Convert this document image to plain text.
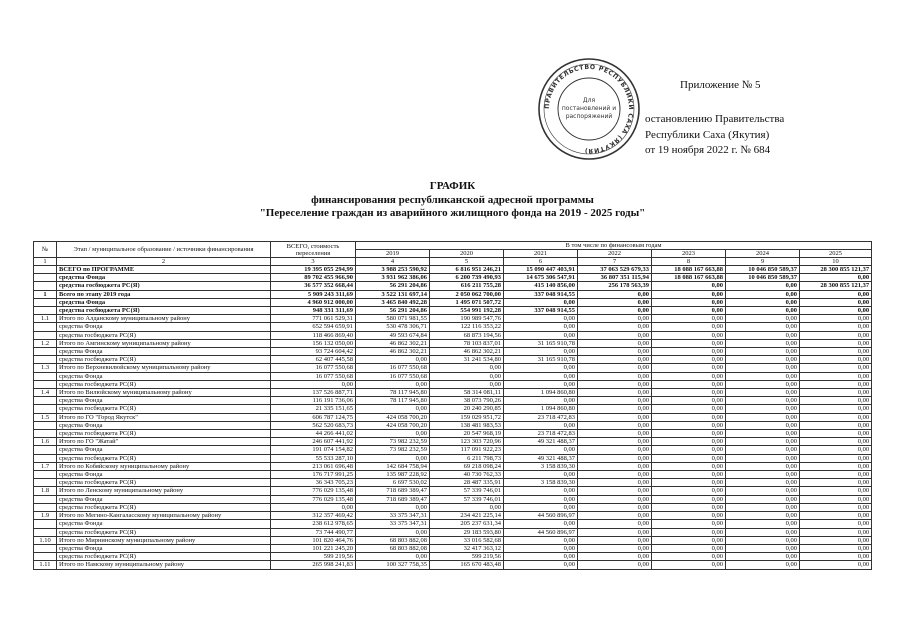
ПРАВИТЕЛЬСТВО РЕСПУБЛИКИ САХА (ЯКУТИЯ)
Для
постановлений и
распоряжений
Приложение № 5
остановлению Правительства
Республики Саха (Якутия)
от 19 ноября 2022 г. № 684
ГРАФИК
финансирования республиканской адресной программы
"Переселение граждан из аварийного жилищного фонда на 2019 - 2025 годы"
№	Этап / муниципальное образование / источники финансирования	ВСЕГО, стоимость переселения	В том числе по финансовым годам						
			2019	2020	2021	2022	2023	2024	2025
1	2	3	4	5	6	7	8	9	10
	ВСЕГО по ПРОГРАММЕ	19 395 055 294,99	3 988 253 590,92	6 816 951 246,21	15 090 447 403,91	37 063 529 679,33	18 088 167 663,88	10 046 850 589,37	28 300 855 121,37
	средства Фонда	89 702 455 966,90	3 931 962 386,06	6 200 739 490,93	14 675 306 547,91	36 807 351 115,94	18 088 167 663,88	10 046 850 589,37	0,00
	средства госбюджета РС(Я)	36 577 352 668,44	56 291 204,86	616 211 755,28	415 140 856,00	256 178 563,39	0,00	0,00	28 300 855 121,37
1	Всего по этапу 2019 года	5 909 243 311,69	3 522 131 697,14	2 050 062 700,00	337 048 914,55	0,00	0,00	0,00	0,00
	средства Фонда	4 960 912 000,00	3 465 840 492,28	1 495 071 507,72	0,00	0,00	0,00	0,00	0,00
	средства госбюджета РС(Я)	948 331 311,69	56 291 204,86	554 991 192,28	337 048 914,55	0,00	0,00	0,00	0,00
1.1	Итого по Алданскому муниципальному району	771 061 529,31	580 071 981,55	190 989 547,76	0,00	0,00	0,00	0,00	0,00
	средства Фонда	652 594 659,91	530 478 306,71	122 116 353,22	0,00	0,00	0,00	0,00	0,00
	средства госбюджета РС(Я)	118 466 869,40	49 593 674,84	68 873 194,56	0,00	0,00	0,00	0,00	0,00
1.2	Итого по Амгинскому муниципальному району	156 132 050,00	46 862 302,21	78 103 837,01	31 165 910,78	0,00	0,00	0,00	0,00
	средства Фонда	93 724 604,42	46 862 302,21	46 862 302,21	0,00	0,00	0,00	0,00	0,00
	средства госбюджета РС(Я)	62 407 445,58	0,00	31 241 534,80	31 165 910,78	0,00	0,00	0,00	0,00
1.3	Итого по Верхневилюйскому муниципальному району	16 077 550,68	16 077 550,68	0,00	0,00	0,00	0,00	0,00	0,00
	средства Фонда	16 077 550,68	16 077 550,68	0,00	0,00	0,00	0,00	0,00	0,00
	средства госбюджета РС(Я)	0,00	0,00	0,00	0,00	0,00	0,00	0,00	0,00
1.4	Итого по Вилюйскому муниципальному району	137 526 887,71	78 117 945,80	58 314 081,11	1 094 860,80	0,00	0,00	0,00	0,00
	средства Фонда	116 191 736,06	78 117 945,80	38 073 790,26	0,00	0,00	0,00	0,00	0,00
	средства госбюджета РС(Я)	21 335 151,65	0,00	20 240 290,85	1 094 860,80	0,00	0,00	0,00	0,00
1.5	Итого по ГО "Город Якутск"	606 787 124,75	424 058 700,20	159 029 951,72	23 718 472,83	0,00	0,00	0,00	0,00
	средства Фонда	562 520 683,73	424 058 700,20	138 481 983,53	0,00	0,00	0,00	0,00	0,00
	средства госбюджета РС(Я)	44 266 441,02	0,00	20 547 968,19	23 718 472,83	0,00	0,00	0,00	0,00
1.6	Итого по ГО "Жатай"	246 607 441,92	73 982 232,59	123 303 720,96	49 321 488,37	0,00	0,00	0,00	0,00
	средства Фонда	191 074 154,82	73 982 232,59	117 091 922,23	0,00	0,00	0,00	0,00	0,00
	средства госбюджета РС(Я)	55 533 287,10	0,00	6 211 798,73	49 321 488,37	0,00	0,00	0,00	0,00
1.7	Итого по Кобяйскому муниципальному району	213 061 696,48	142 684 758,94	69 218 098,24	3 158 839,30	0,00	0,00	0,00	0,00
	средства Фонда	176 717 991,25	135 987 228,92	40 730 762,33	0,00	0,00	0,00	0,00	0,00
	средства госбюджета РС(Я)	36 343 705,23	6 697 530,02	28 487 335,91	3 158 839,30	0,00	0,00	0,00	0,00
1.8	Итого по Ленскому муниципальному району	776 029 135,48	718 689 389,47	57 339 746,01	0,00	0,00	0,00	0,00	0,00
	средства Фонда	776 029 135,48	718 689 389,47	57 339 746,01	0,00	0,00	0,00	0,00	0,00
	средства госбюджета РС(Я)	0,00	0,00	0,00	0,00	0,00	0,00	0,00	0,00
1.9	Итого по Мегино-Кангаласскому муниципальному району	312 357 469,42	33 375 347,31	234 421 225,14	44 560 896,97	0,00	0,00	0,00	0,00
	средства Фонда	238 612 978,65	33 375 347,31	205 237 631,34	0,00	0,00	0,00	0,00	0,00
	средства госбюджета РС(Я)	73 744 490,77	0,00	29 183 593,80	44 560 896,97	0,00	0,00	0,00	0,00
1.10	Итого по Мирнинскому муниципальному району	101 820 464,76	68 803 882,08	33 016 582,68	0,00	0,00	0,00	0,00	0,00
	средства Фонда	101 221 245,20	68 803 882,08	32 417 363,12	0,00	0,00	0,00	0,00	0,00
	средства госбюджета РС(Я)	599 219,56	0,00	599 219,56	0,00	0,00	0,00	0,00	0,00
1.11	Итого по Намскому муниципальному району	265 998 241,83	100 327 758,35	165 670 483,48	0,00	0,00	0,00	0,00	0,00
